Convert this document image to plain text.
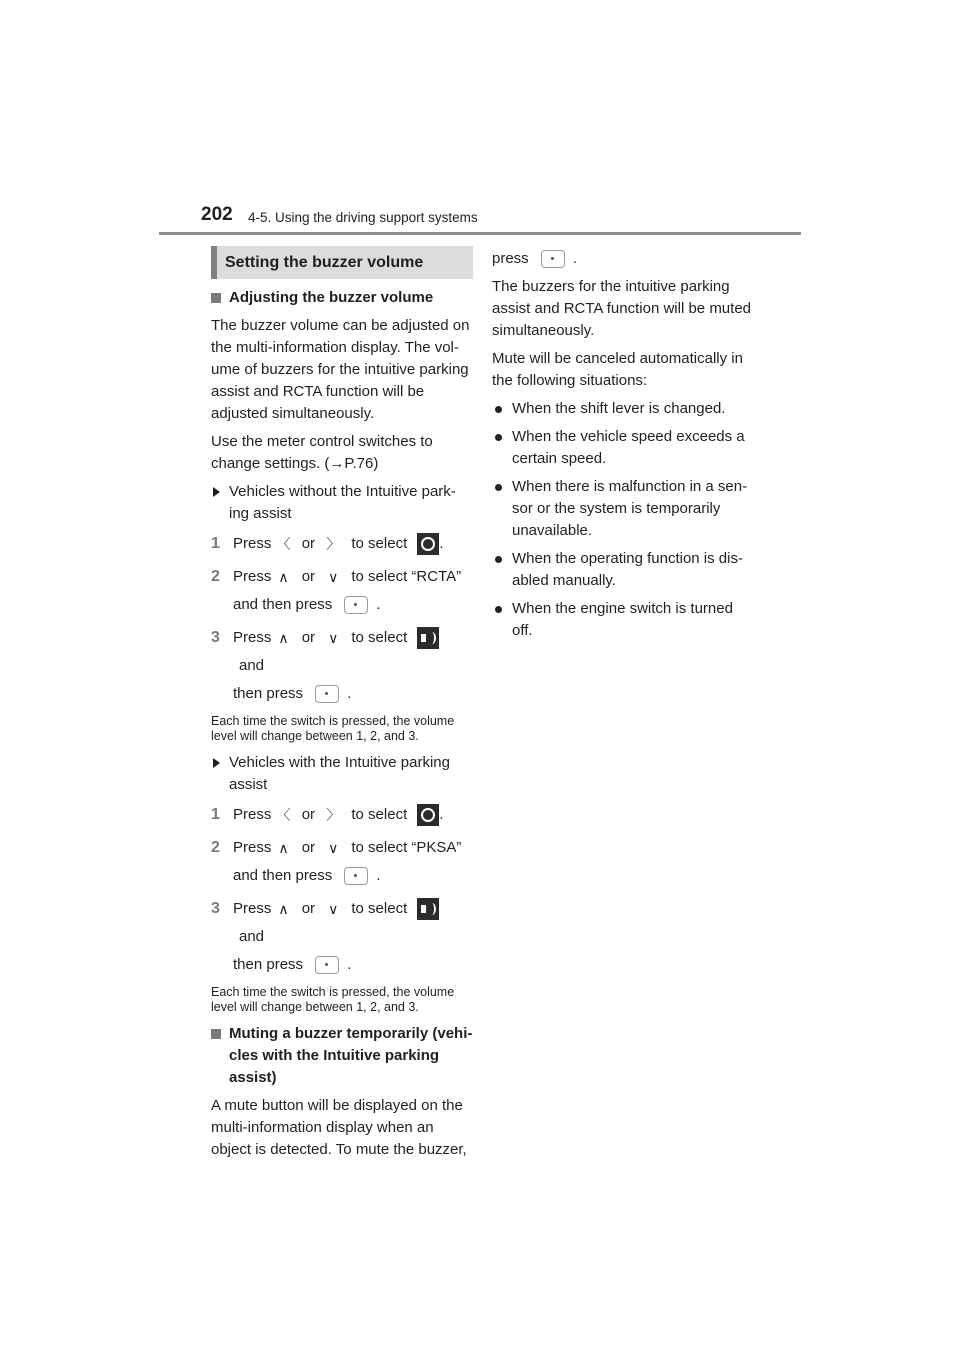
202 4-5. Using the driving support systems
Setting the buzzer volume
Adjusting the buzzer volume

The buzzer volume can be adjusted on the multi-information display. The vol-ume of buzzers for the intuitive parking assist and RCTA function will be adjusted simultaneously.

Use the meter control switches to change settings. (→P.76)

Vehicles without the Intuitive park-ing assist
1 Press 〈 or 〉 to select .
2 Press ∧ or ∨ to select “RCTA”
and then press	.
3 Press ∧ or ∨ to select  and
then press	.
Each time the switch is pressed, the volume level will change between 1, 2, and 3.
Vehicles with the Intuitive parking assist
1 Press 〈 or 〉 to select .
2 Press ∧ or ∨ to select “PKSA”
and then press	.
3 Press ∧ or ∨ to select  and
then press	.
Each time the switch is pressed, the volume level will change between 1, 2, and 3.
Muting a buzzer temporarily (vehi-cles with the Intuitive parking assist)

A mute button will be displayed on the multi-information display when an object is detected. To mute the buzzer,

press	.

The buzzers for the intuitive parking assist and RCTA function will be muted simultaneously.

Mute will be canceled automatically in the following situations:

When the shift lever is changed.
When the vehicle speed exceeds a certain speed.
When there is malfunction in a sen-sor or the system is temporarily unavailable.
When the operating function is dis-abled manually.
When the engine switch is turned off.
